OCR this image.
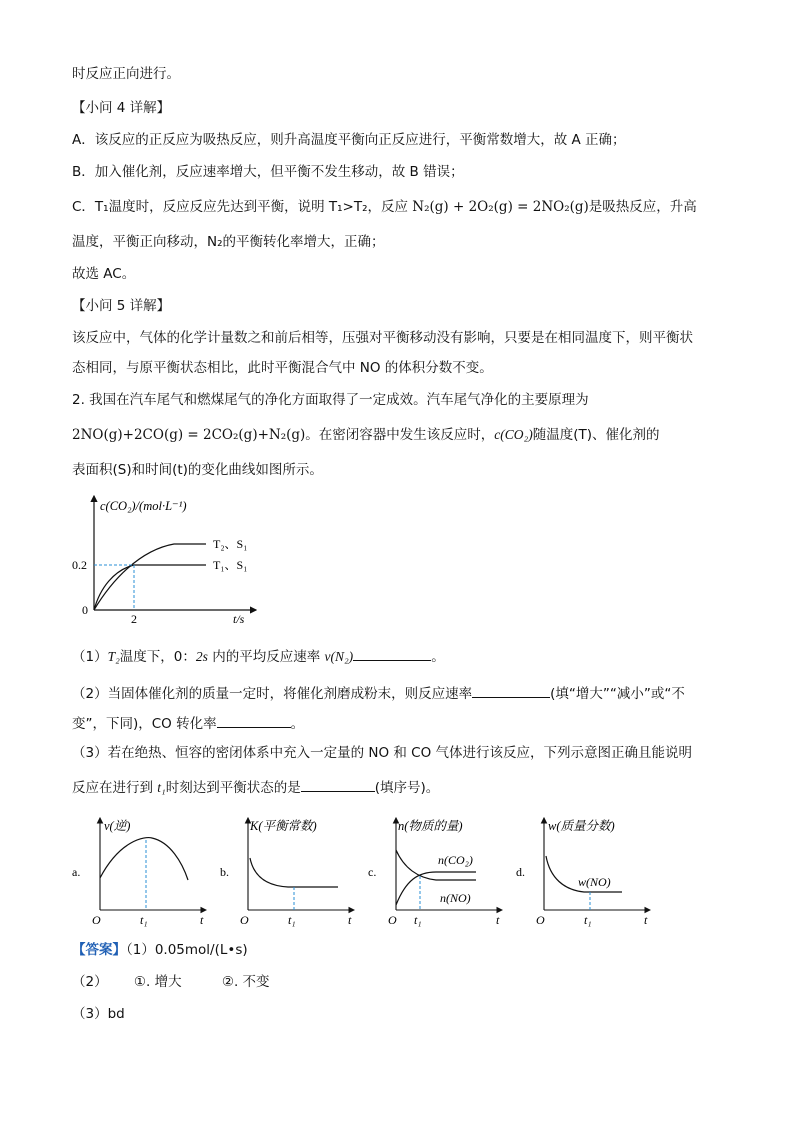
时反应正向进行。
【小问 4 详解】
A．该反应的正反应为吸热反应，则升高温度平衡向正反应进行，平衡常数增大，故 A 正确；
B．加入催化剂，反应速率增大，但平衡不发生移动，故 B 错误；
C．T₁温度时，反应反应先达到平衡，说明 T₁>T₂，反应 N₂(g) + 2O₂(g) = 2NO₂(g)是吸热反应，升高
温度，平衡正向移动，N₂的平衡转化率增大，正确；
故选 AC。
【小问 5 详解】
该反应中，气体的化学计量数之和前后相等，压强对平衡移动没有影响，只要是在相同温度下，则平衡状
态相同，与原平衡状态相比，此时平衡混合气中 NO 的体积分数不变。
2. 我国在汽车尾气和燃煤尾气的净化方面取得了一定成效。汽车尾气净化的主要原理为
2NO(g)+2CO(g) = 2CO₂(g)+N₂(g)。在密闭容器中发生该反应时，c(CO₂)随温度(T)、催化剂的
表面积(S)和时间(t)的变化曲线如图所示。
c(CO₂)/(mol·L⁻¹)
0
0.2
2	t/s
T₂、S₁
T₁、S₁
（1）T₂温度下，0：2s 内的平均反应速率 v(N₂)	。
（2）当固体催化剂的质量一定时，将催化剂磨成粉末，则反应速率	(填“增大”“减小”或“不
变”，下同)，CO 转化率	。
（3）若在绝热、恒容的密闭体系中充入一定量的 NO 和 CO 气体进行该反应，下列示意图正确且能说明
反应在进行到 t₁时刻达到平衡状态的是	(填序号)。
a.
v(逆)
O	t₁	t
b.
K(平衡常数)
O	t₁	t
c.
n(物质的量)
n(CO₂)
n(NO)
O t₁	t
d.
w(质量分数)
w(NO)
O	t₁	t
【答案】（1）0.05mol/(L•s)
（2） ①. 增大	②. 不变
（3）bd
